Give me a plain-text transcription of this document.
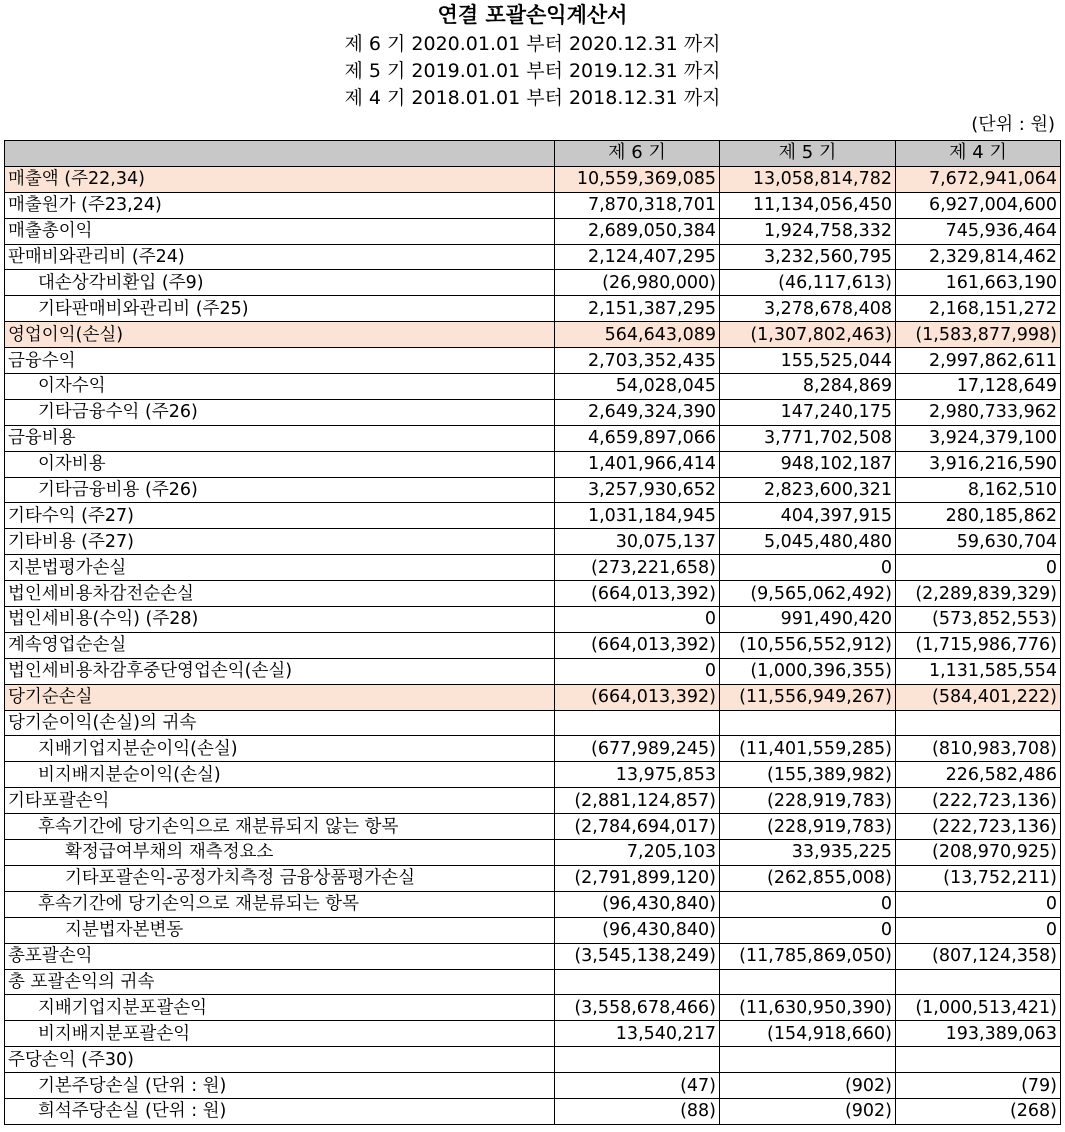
연결 포괄손익계산서
제 6 기 2020.01.01 부터 2020.12.31 까지
제 5 기 2019.01.01 부터 2019.12.31 까지
제 4 기 2018.01.01 부터 2018.12.31 까지
(단위 : 원)
	제 6 기	제 5 기	제 4 기
매출액 (주22,34)	10,559,369,085	13,058,814,782	7,672,941,064
매출원가 (주23,24)	7,870,318,701	11,134,056,450	6,927,004,600
매출총이익	2,689,050,384	1,924,758,332	745,936,464
판매비와관리비 (주24)	2,124,407,295	3,232,560,795	2,329,814,462
대손상각비환입 (주9)	(26,980,000)	(46,117,613)	161,663,190
기타판매비와관리비 (주25)	2,151,387,295	3,278,678,408	2,168,151,272
영업이익(손실)	564,643,089	(1,307,802,463)	(1,583,877,998)
금융수익	2,703,352,435	155,525,044	2,997,862,611
이자수익	54,028,045	8,284,869	17,128,649
기타금융수익 (주26)	2,649,324,390	147,240,175	2,980,733,962
금융비용	4,659,897,066	3,771,702,508	3,924,379,100
이자비용	1,401,966,414	948,102,187	3,916,216,590
기타금융비용 (주26)	3,257,930,652	2,823,600,321	8,162,510
기타수익 (주27)	1,031,184,945	404,397,915	280,185,862
기타비용 (주27)	30,075,137	5,045,480,480	59,630,704
지분법평가손실	(273,221,658)	0	0
법인세비용차감전순손실	(664,013,392)	(9,565,062,492)	(2,289,839,329)
법인세비용(수익) (주28)	0	991,490,420	(573,852,553)
계속영업순손실	(664,013,392)	(10,556,552,912)	(1,715,986,776)
법인세비용차감후중단영업손익(손실)	0	(1,000,396,355)	1,131,585,554
당기순손실	(664,013,392)	(11,556,949,267)	(584,401,222)
당기순이익(손실)의 귀속			
지배기업지분순이익(손실)	(677,989,245)	(11,401,559,285)	(810,983,708)
비지배지분순이익(손실)	13,975,853	(155,389,982)	226,582,486
기타포괄손익	(2,881,124,857)	(228,919,783)	(222,723,136)
후속기간에 당기손익으로 재분류되지 않는 항목	(2,784,694,017)	(228,919,783)	(222,723,136)
확정급여부채의 재측정요소	7,205,103	33,935,225	(208,970,925)
기타포괄손익-공정가치측정 금융상품평가손실	(2,791,899,120)	(262,855,008)	(13,752,211)
후속기간에 당기손익으로 재분류되는 항목	(96,430,840)	0	0
지분법자본변동	(96,430,840)	0	0
총포괄손익	(3,545,138,249)	(11,785,869,050)	(807,124,358)
총 포괄손익의 귀속			
지배기업지분포괄손익	(3,558,678,466)	(11,630,950,390)	(1,000,513,421)
비지배지분포괄손익	13,540,217	(154,918,660)	193,389,063
주당손익 (주30)			
기본주당손실 (단위 : 원)	(47)	(902)	(79)
희석주당손실 (단위 : 원)	(88)	(902)	(268)
